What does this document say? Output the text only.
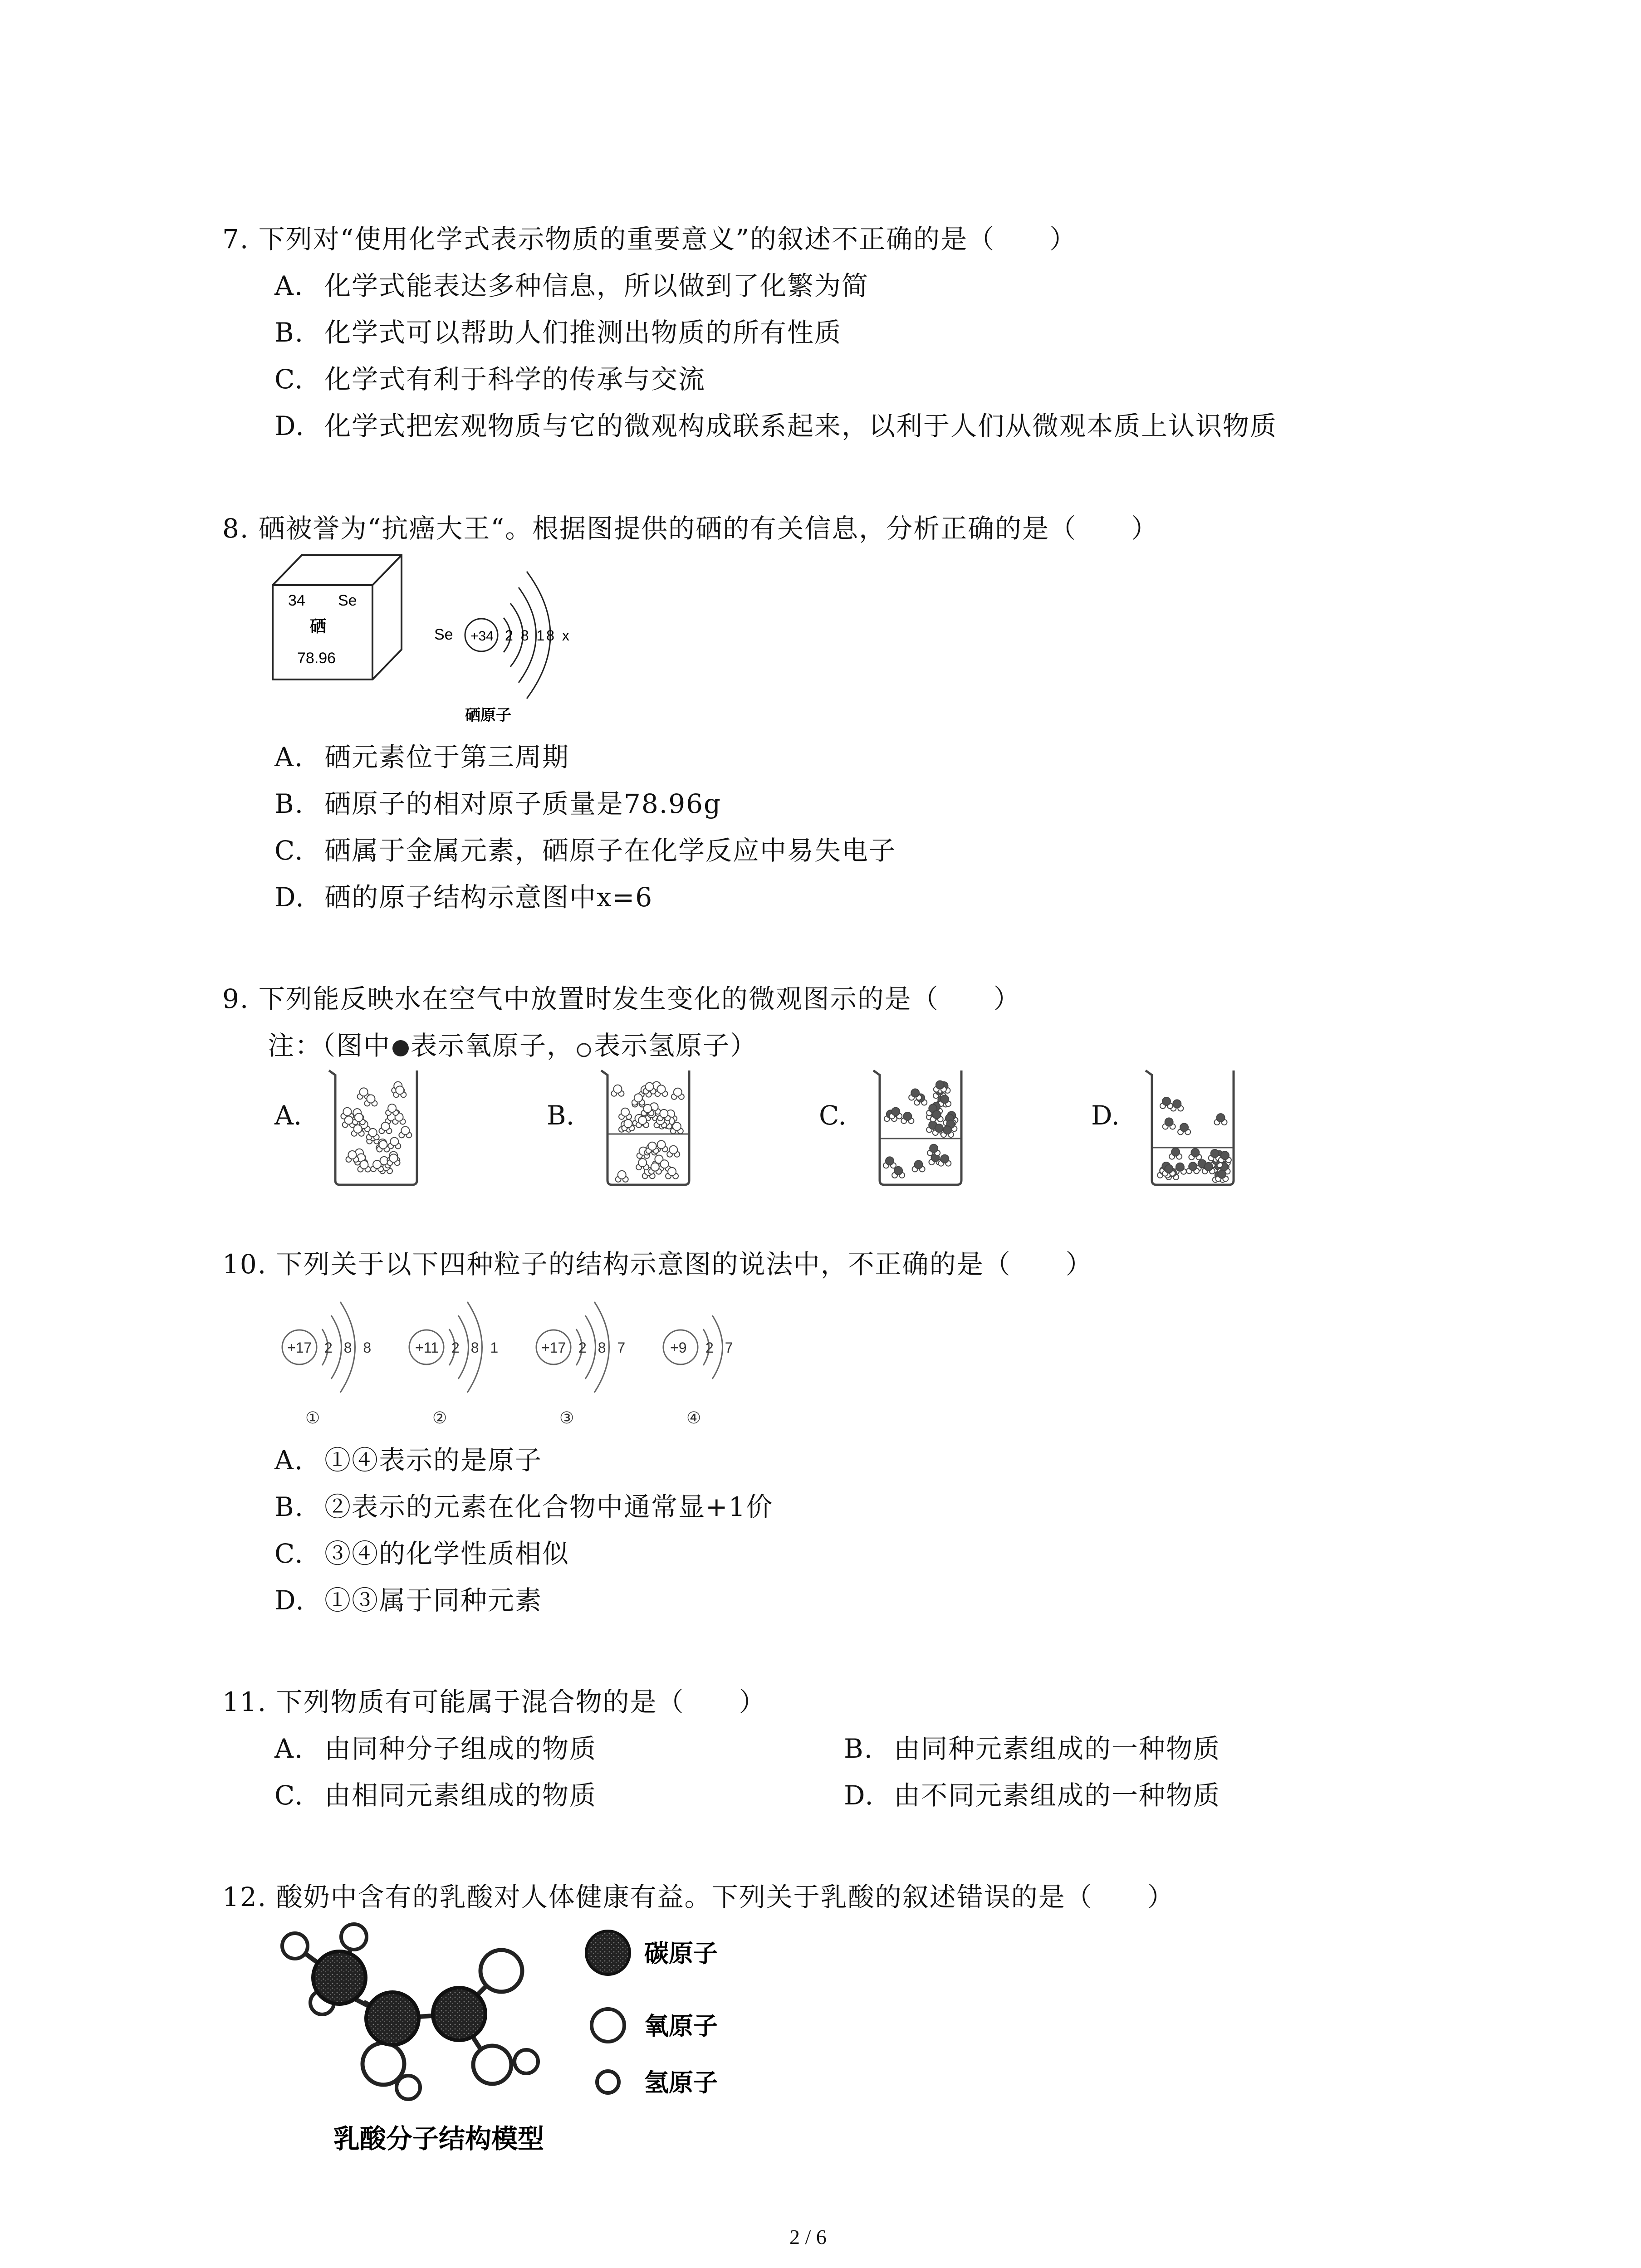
7. 下列对“使用化学式表示物质的重要意义”的叙述不正确的是（　　）
A. 化学式能表达多种信息，所以做到了化繁为简
B. 化学式可以帮助人们推测出物质的所有性质
C. 化学式有利于科学的传承与交流
D. 化学式把宏观物质与它的微观构成联系起来，以利于人们从微观本质上认识物质
8. 硒被誉为“抗癌大王“。根据图提供的硒的有关信息，分析正确的是（　　）
34 Se
硒
78.96
Se +34 2 8 18 x
硒原子
A. 硒元素位于第三周期
B. 硒原子的相对原子质量是78.96g
C. 硒属于金属元素，硒原子在化学反应中易失电子
D. 硒的原子结构示意图中x=6
9. 下列能反映水在空气中放置时发生变化的微观图示的是（　　）
注：（图中 表示氧原子， 表示氢原子）
A.	B.	C.	D.
10. 下列关于以下四种粒子的结构示意图的说法中，不正确的是（　　）
+17 2 8 8
①
+11 2 8 1
②
+17 2 8 7
③
+9 2 7
④
A. ①④表示的是原子
B. ②表示的元素在化合物中通常显+1价
C. ③④的化学性质相似
D. ①③属于同种元素
11. 下列物质有可能属于混合物的是（　　）
A. 由同种分子组成的物质	B. 由同种元素组成的一种物质
C. 由相同元素组成的物质	D. 由不同元素组成的一种物质
12. 酸奶中含有的乳酸对人体健康有益。下列关于乳酸的叙述错误的是（　　）
碳原子
氧原子
氢原子
乳酸分子结构模型
2 / 6
